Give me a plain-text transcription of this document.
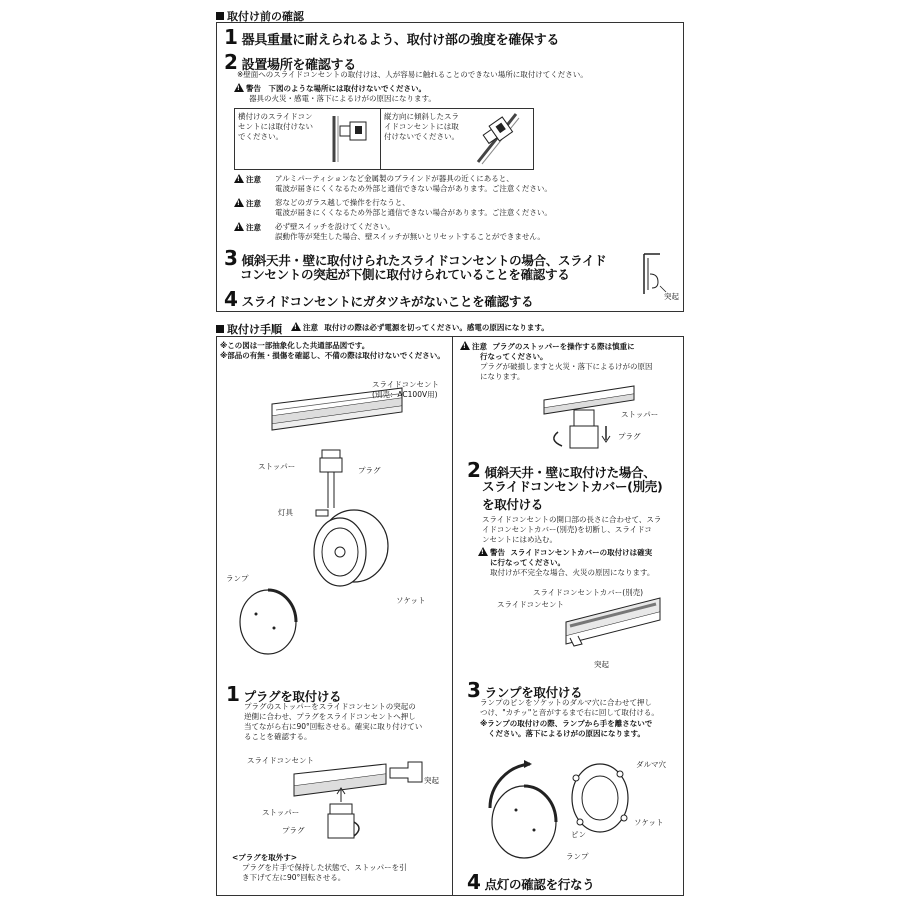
取付け前の確認
1 器具重量に耐えられるよう、取付け部の強度を確保する
2 設置場所を確認する
※壁面へのスライドコンセントの取付けは、人が容易に触れることのできない場所に取付けてください。
!警告　下図のような場所には取付けないでください。
器具の火災・感電・落下によるけがの原因になります。
横付けのスライドコンセントには取付けないでください。
縦方向に傾斜したスライドコンセントには取付けないでください。
!注意 アルミパーティションなど金属製のブラインドが器具の近くにあると、
電波が届きにくくなるため外部と通信できない場合があります。ご注意ください。
!注意 窓などのガラス越しで操作を行なうと、
電波が届きにくくなるため外部と通信できない場合があります。ご注意ください。
!注意 必ず壁スイッチを設けてください。
誤動作等が発生した場合、壁スイッチが無いとリセットすることができません。
3 傾斜天井・壁に取付けられたスライドコンセントの場合、スライド
コンセントの突起が下側に取付けられていることを確認する
突起
4 スライドコンセントにガタツキがないことを確認する
取付け手順
!	注意 取付けの際は必ず電源を切ってください。感電の原因になります。
※この図は一部抽象化した共通部品図です。
※部品の有無・損傷を確認し、不備の際は取付けないでください。
スライドコンセント
(別売：AC100V用)
ストッパー	プラグ
灯具
ランプ
ソケット
1 プラグを取付ける
プラグのストッパーをスライドコンセントの突起の
逆側に合わせ、プラグをスライドコンセントへ押し
当てながら右に90°回転させる。確実に取り付けてい
ることを確認する。
スライドコンセント
突起
ストッパー
プラグ
<プラグを取外す>
プラグを片手で保持した状態で、ストッパーを引
き下げて左に90°回転させる。
!注意 プラグのストッパーを操作する際は慎重に
行なってください。
プラグが破損しますと火災・落下によるけがの原因
になります。
ストッパー
プラグ
2 傾斜天井・壁に取付けた場合、
スライドコンセントカバー(別売)
を取付ける
スライドコンセントの開口部の長さに合わせて、スラ
イドコンセントカバー(別売)を切断し、スライドコ
ンセントにはめ込む。
!警告 スライドコンセントカバーの取付けは確実
に行なってください。
取付けが不完全な場合、火災の原因になります。
スライドコンセントカバー(別売)
スライドコンセント
突起
3 ランプを取付ける
ランプのピンをソケットのダルマ穴に合わせて押し
つけ、"カチッ"と音がするまで右に回して取付ける。
※ランプの取付けの際、ランプから手を離さないで
ください。落下によるけがの原因になります。
ダルマ穴
ソケット
ピン
ランプ
4 点灯の確認を行なう
